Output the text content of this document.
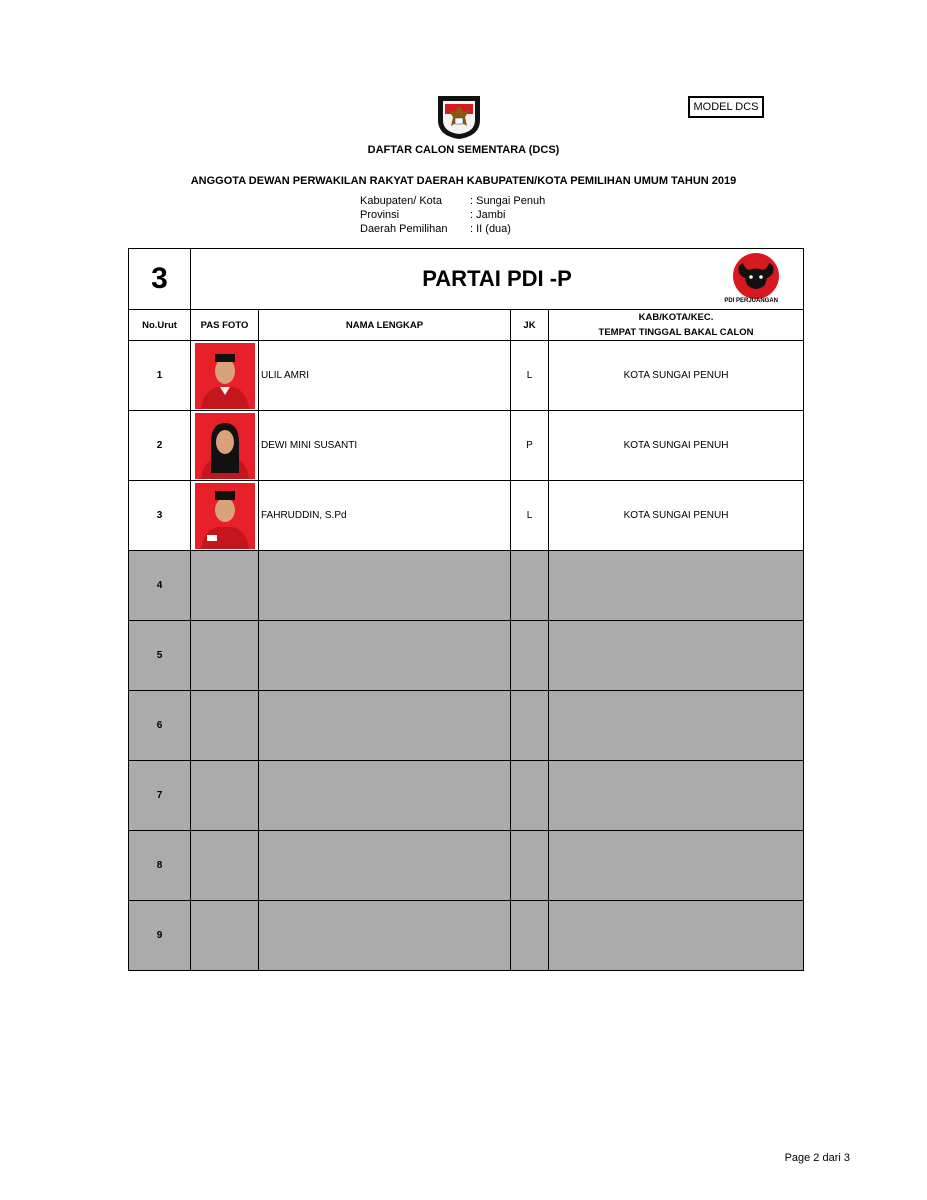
MODEL DCS
DAFTAR CALON SEMENTARA (DCS)
ANGGOTA DEWAN PERWAKILAN RAKYAT DAERAH KABUPATEN/KOTA PEMILIHAN UMUM TAHUN 2019
Kabupaten/ Kota	: Sungai Penuh
Provinsi	: Jambi
Daerah Pemilihan	: II (dua)
3	PARTAI PDI -P
PDI PERJUANGAN			

No.Urut	PAS FOTO	NAMA LENGKAP	JK	KAB/KOTA/KEC.
TEMPAT TINGGAL BAKAL CALON

1		ULIL AMRI	L	KOTA SUNGAI PENUH
2		DEWI MINI SUSANTI	P	KOTA SUNGAI PENUH
3		FAHRUDDIN, S.Pd	L	KOTA SUNGAI PENUH
4				
5				
6				
7				
8				
9				
Page 2 dari 3
